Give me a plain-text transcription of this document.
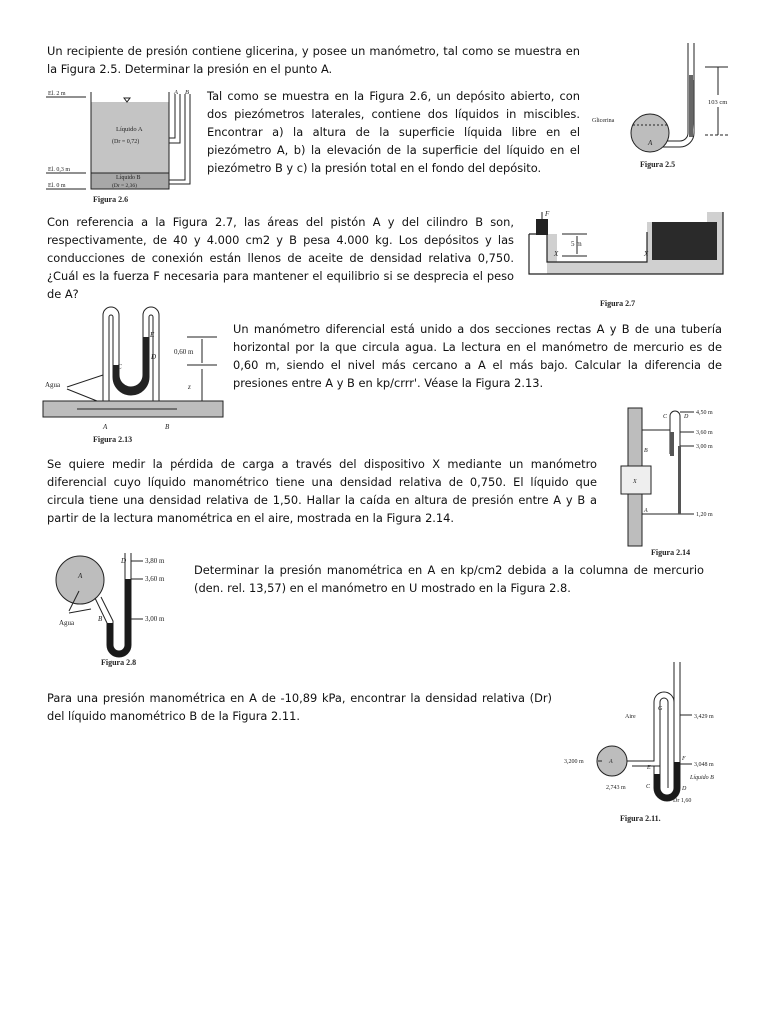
Un recipiente de presión contiene glicerina, y posee un manómetro, tal como se muestra en la Figura 2.5. Determinar la presión en el punto A.

Tal como se muestra en la Figura 2.6, un depósito abierto, con dos piezómetros laterales, contiene dos líquidos in miscibles. Encontrar a) la altura de la superficie líquida libre en el piezómetro A, b) la elevación de la superficie del líquido en el piezómetro B y c) la presión total en el fondo del depósito.

Con referencia a la Figura 2.7, las áreas del pistón A y del cilindro B son, respectivamente, de 40 y 4.000 cm2 y B pesa 4.000 kg. Los depósitos y las conducciones de conexión están llenos de aceite de densidad relativa 0,750. ¿Cuál es la fuerza F necesaria para mantener el equilibrio si se desprecia el peso de A?

Un manómetro diferencial está unido a dos secciones rectas A y B de una tubería horizontal por la que circula agua. La lectura en el manómetro de mercurio es de 0,60 m, siendo el nivel más cercano a A el más bajo. Calcular la diferencia de presiones entre A y B en kp/crrr'. Véase la Figura 2.13.

Se quiere medir la pérdida de carga a través del dispositivo X mediante un manómetro diferencial cuyo líquido manométrico tiene una densidad relativa de 0,750. El líquido que circula tiene una densidad relativa de 1,50. Hallar la caída en altura de presión entre A y B a partir de la lectura manométrica en el aire, mostrada en la Figura 2.14.

Determinar la presión manométrica en A en kp/cm2 debida a la columna de mercurio (den. rel. 13,57) en el manómetro en U mostrado en la Figura 2.8.

Para una presión manométrica en A de -10,89 kPa, encontrar la densidad relativa (Dr) del líquido manométrico B de la Figura 2.11.

Glicerina
A
103 cm
Figura 2.5
El. 2 m
El. 0,3 m
El. 0 m
Líquido A
(Dr = 0,72)
Líquido B
(Dr = 2,36)
A B
Figura 2.6
F
5 m
X	X
Figura 2.7
Agua
0,60 m
C
D
E
z
A	B
Figura 2.13
C	D
B
X
A
4,50 m
3,60 m
3,00 m
1,20 m
Figura 2.14
A
Agua	B
D	3,80 m
3,60 m
3,00 m
Figura 2.8
Aire
G
A
3,200 m
E
F
C	D
2,743 m
3,429 m
3,048 m
Líquido B
Dr 1,60
Figura 2.11.
